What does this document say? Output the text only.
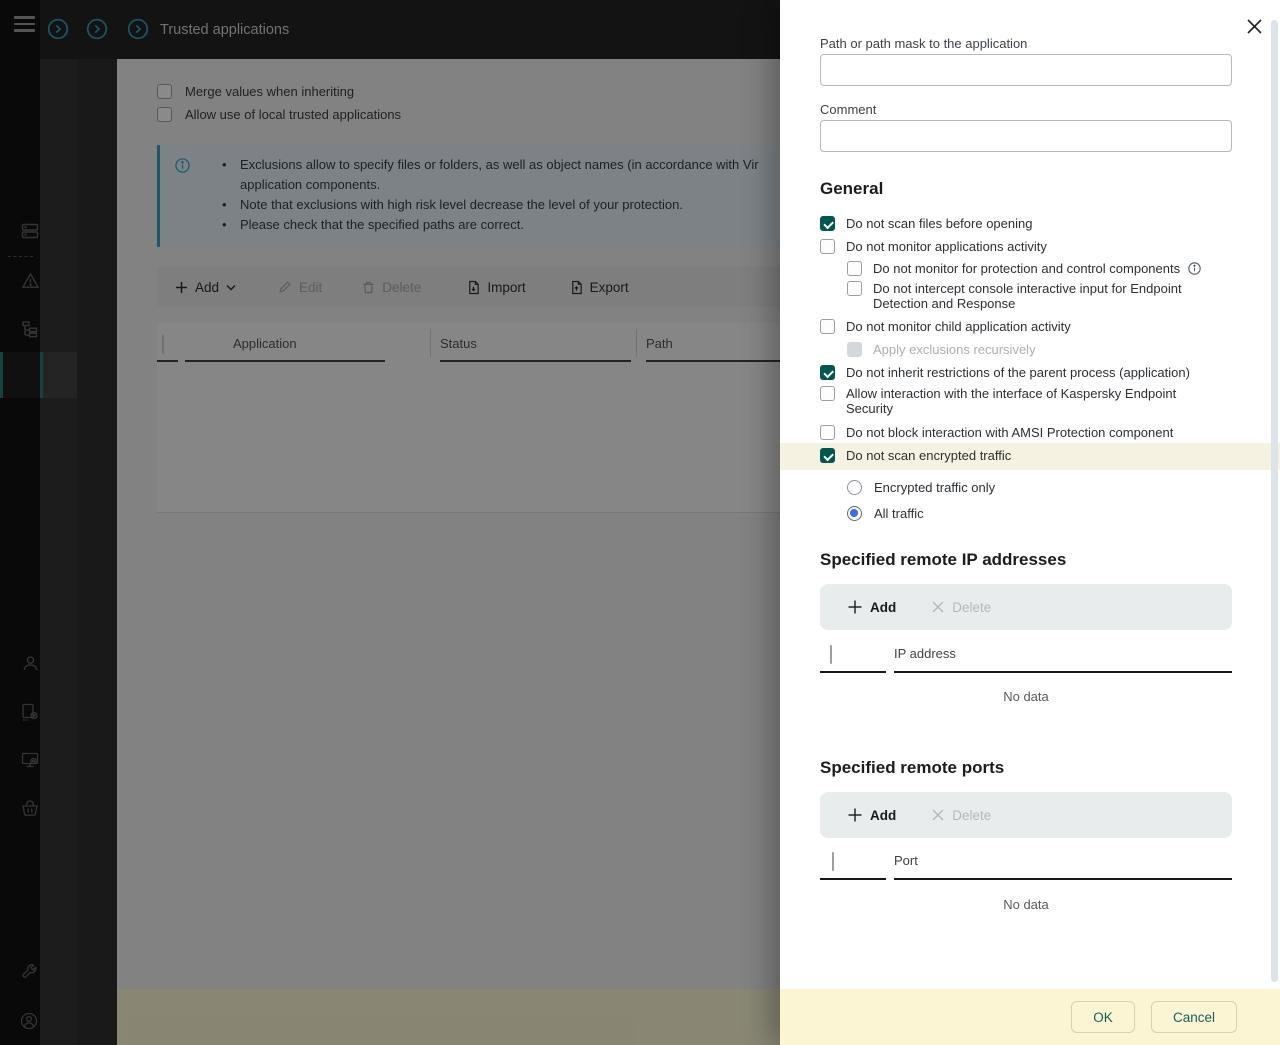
Trusted applications
Merge values when inheriting
Allow use of local trusted applications
• Exclusions allow to specify files or folders, as well as object names (in accordance with Vir
application components.
• Note that exclusions with high risk level decrease the level of your protection.
• Please check that the specified paths are correct.
Add	Edit	Delete	Import	Export
Application	Status	Path
Path or path mask to the application
Comment
General
Do not scan files before opening
Do not monitor applications activity
Do not monitor for protection and control components
Do not intercept console interactive input for Endpoint Detection and Response
Do not monitor child application activity
Apply exclusions recursively
Do not inherit restrictions of the parent process (application)
Allow interaction with the interface of Kaspersky Endpoint Security
Do not block interaction with AMSI Protection component
Do not scan encrypted traffic
Encrypted traffic only
All traffic
Specified remote IP addresses
Add	Delete
IP address
No data
Specified remote ports
Add	Delete
Port
No data
OK	Cancel
